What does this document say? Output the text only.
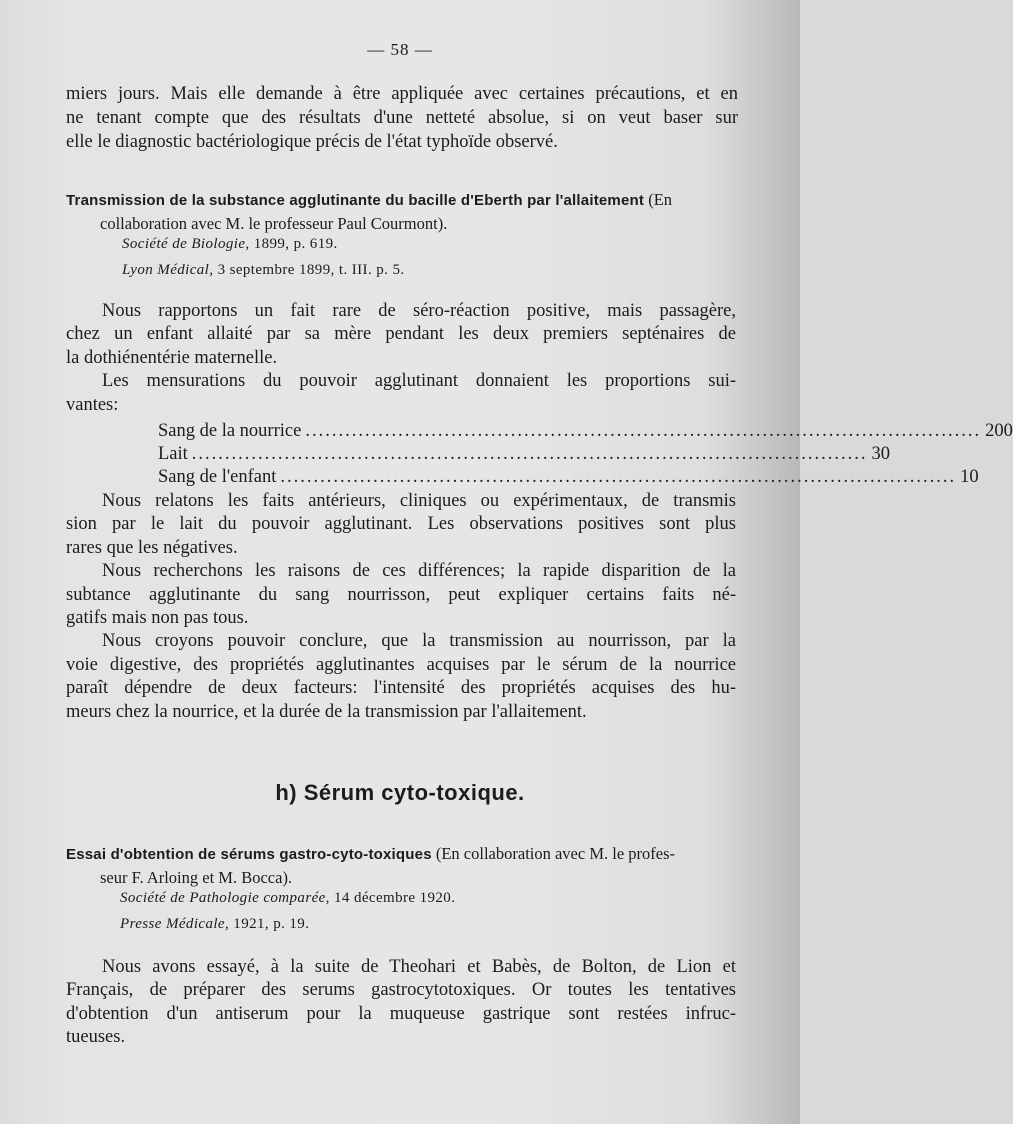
— 58 —
miers jours. Mais elle demande à être appliquée avec certaines précautions, et en
ne tenant compte que des résultats d'une netteté absolue, si on veut baser sur
elle le diagnostic bactériologique précis de l'état typhoïde observé.
Transmission de la substance agglutinante du bacille d'Eberth par l'allaitement (En
collaboration avec M. le professeur Paul Courmont).
Société de Biologie, 1899, p. 619.
Lyon Médical, 3 septembre 1899, t. III. p. 5.
Nous rapportons un fait rare de séro-réaction positive, mais passagère,
chez un enfant allaité par sa mère pendant les deux premiers septénaires de
la dothiénentérie maternelle.
Les mensurations du pouvoir agglutinant donnaient les proportions sui-
vantes:
Sang de la nourrice ...................................................................................................... 200
Lait ...................................................................................................... 30
Sang de l'enfant ...................................................................................................... 10
Nous relatons les faits antérieurs, cliniques ou expérimentaux, de transmis
sion par le lait du pouvoir agglutinant. Les observations positives sont plus
rares que les négatives.
Nous recherchons les raisons de ces différences; la rapide disparition de la
subtance agglutinante du sang nourrisson, peut expliquer certains faits né-
gatifs mais non pas tous.
Nous croyons pouvoir conclure, que la transmission au nourrisson, par la
voie digestive, des propriétés agglutinantes acquises par le sérum de la nourrice
paraît dépendre de deux facteurs: l'intensité des propriétés acquises des hu-
meurs chez la nourrice, et la durée de la transmission par l'allaitement.
h) Sérum cyto-toxique.
Essai d'obtention de sérums gastro-cyto-toxiques (En collaboration avec M. le profes-
seur F. Arloing et M. Bocca).
Société de Pathologie comparée, 14 décembre 1920.
Presse Médicale, 1921, p. 19.
Nous avons essayé, à la suite de Theohari et Babès, de Bolton, de Lion et
Français, de préparer des serums gastrocytotoxiques. Or toutes les tentatives
d'obtention d'un antiserum pour la muqueuse gastrique sont restées infruc-
tueuses.
